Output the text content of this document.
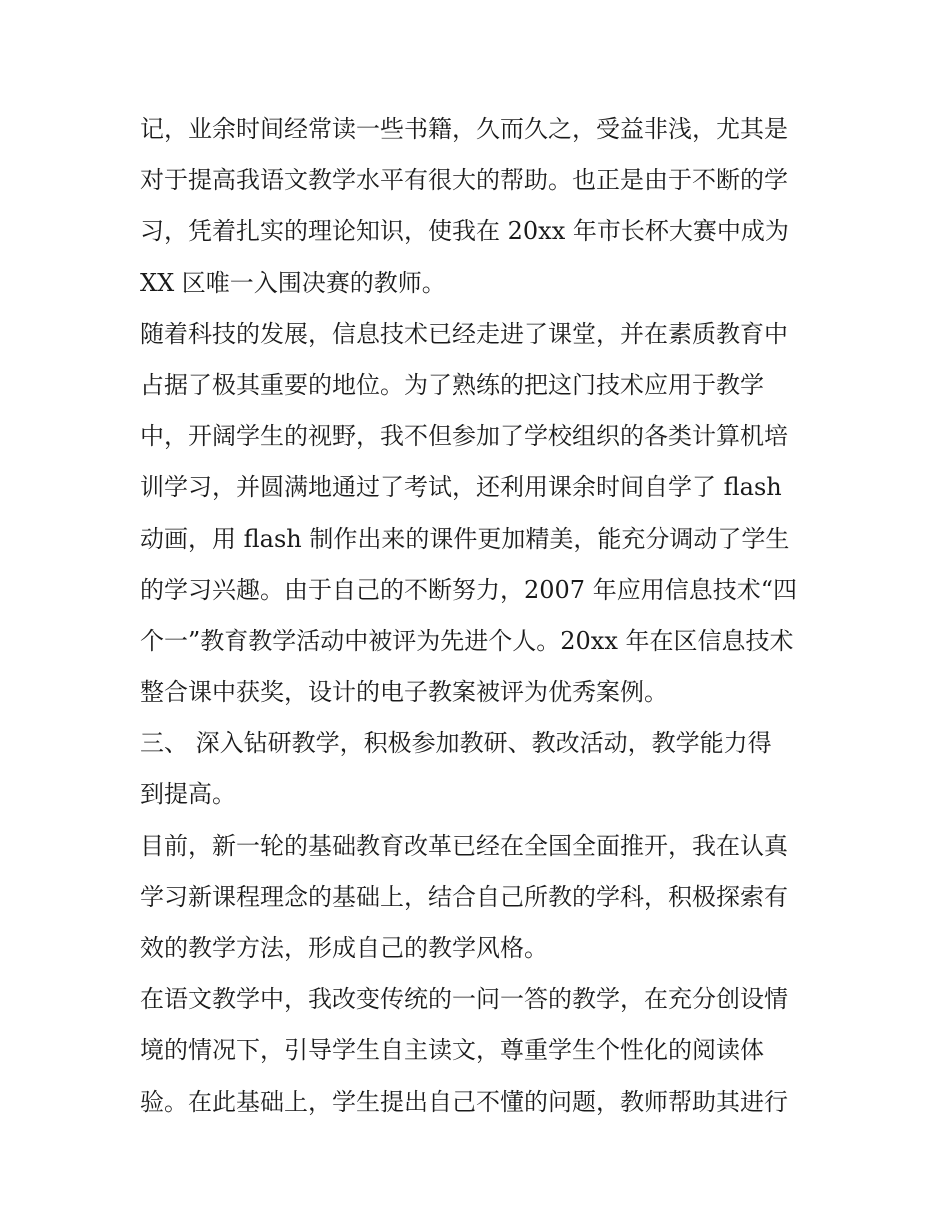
记，业余时间经常读一些书籍，久而久之，受益非浅，尤其是
对于提高我语文教学水平有很大的帮助。也正是由于不断的学
习，凭着扎实的理论知识，使我在 20xx 年市长杯大赛中成为
XX 区唯一入围决赛的教师。
随着科技的发展，信息技术已经走进了课堂，并在素质教育中
占据了极其重要的地位。为了熟练的把这门技术应用于教学
中，开阔学生的视野，我不但参加了学校组织的各类计算机培
训学习，并圆满地通过了考试，还利用课余时间自学了 flash
动画，用 flash 制作出来的课件更加精美，能充分调动了学生
的学习兴趣。由于自己的不断努力，2007 年应用信息技术“四
个一”教育教学活动中被评为先进个人。20xx 年在区信息技术
整合课中获奖，设计的电子教案被评为优秀案例。
三、 深入钻研教学，积极参加教研、教改活动，教学能力得
到提高。
目前，新一轮的基础教育改革已经在全国全面推开，我在认真
学习新课程理念的基础上，结合自己所教的学科，积极探索有
效的教学方法，形成自己的教学风格。
在语文教学中，我改变传统的一问一答的教学，在充分创设情
境的情况下，引导学生自主读文，尊重学生个性化的阅读体
验。在此基础上，学生提出自己不懂的问题，教师帮助其进行
